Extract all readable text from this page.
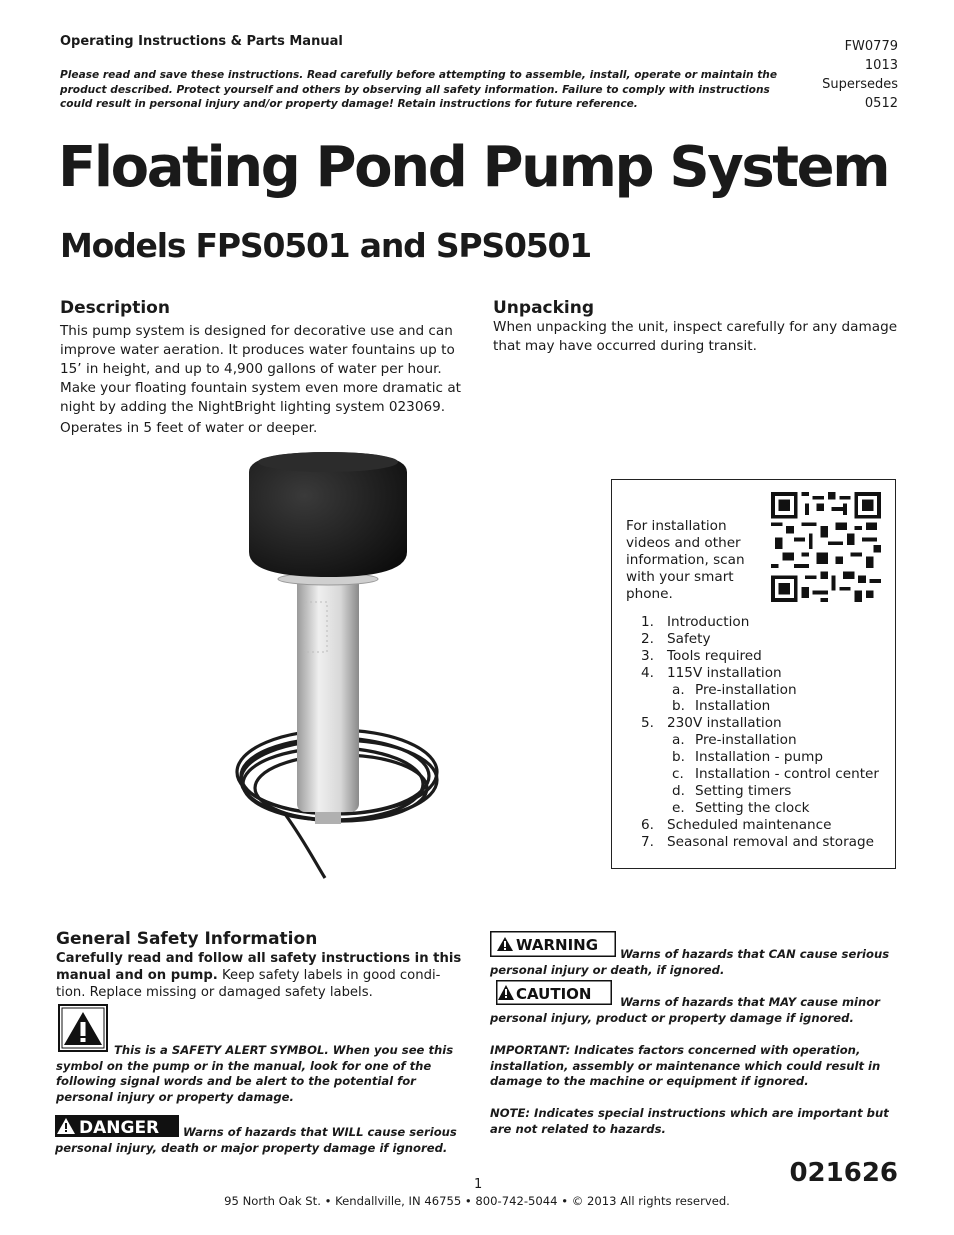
Operating Instructions & Parts Manual	FW0779
1013
Supersedes
0512
Please read and save these instructions. Read carefully before attempting to assemble, install, operate or maintain the product described. Protect yourself and others by observing all safety information. Failure to comply with instructions could result in personal injury and/or property damage! Retain instructions for future reference.
Floating Pond Pump System
Models FPS0501 and SPS0501
Description
This pump system is designed for decorative use and can improve water aeration. It produces water fountains up to 15’ in height, and up to 4,900 gallons of water per hour. Make your floating fountain system even more dramatic at night by adding the NightBright lighting system 023069.
Operates in 5 feet of water or deeper.
Unpacking
When unpacking the unit, inspect carefully for any damage that may have occurred during transit.
For installation videos and other information, scan with your smart phone.
1. Introduction
2. Safety
3. Tools required
4. 115V installation
a. Pre-installation
b. Installation
5. 230V installation
a. Pre-installation
b. Installation - pump
c. Installation - control center
d. Setting timers
e. Setting the clock
6. Scheduled maintenance
7. Seasonal removal and storage
General Safety Information
Carefully read and follow all safety instructions in this manual and on pump. Keep safety labels in good condi- tion. Replace missing or damaged safety labels.
This is a SAFETY ALERT SYMBOL. When you see this symbol on the pump or in the manual, look for one of the following signal words and be alert to the potential for personal injury or property damage.
DANGER	Warns of hazards that WILL cause serious personal injury, death or major property damage if ignored.
WARNING	Warns of hazards that CAN cause serious personal injury or death, if ignored.
CAUTION	Warns of hazards that MAY cause minor personal injury, product or property damage if ignored.
IMPORTANT: Indicates factors concerned with operation, installation, assembly or maintenance which could result in damage to the machine or equipment if ignored.
NOTE: Indicates special instructions which are important but are not related to hazards.
021626
1
95 North Oak St. • Kendallville, IN 46755 • 800-742-5044 • © 2013 All rights reserved.
